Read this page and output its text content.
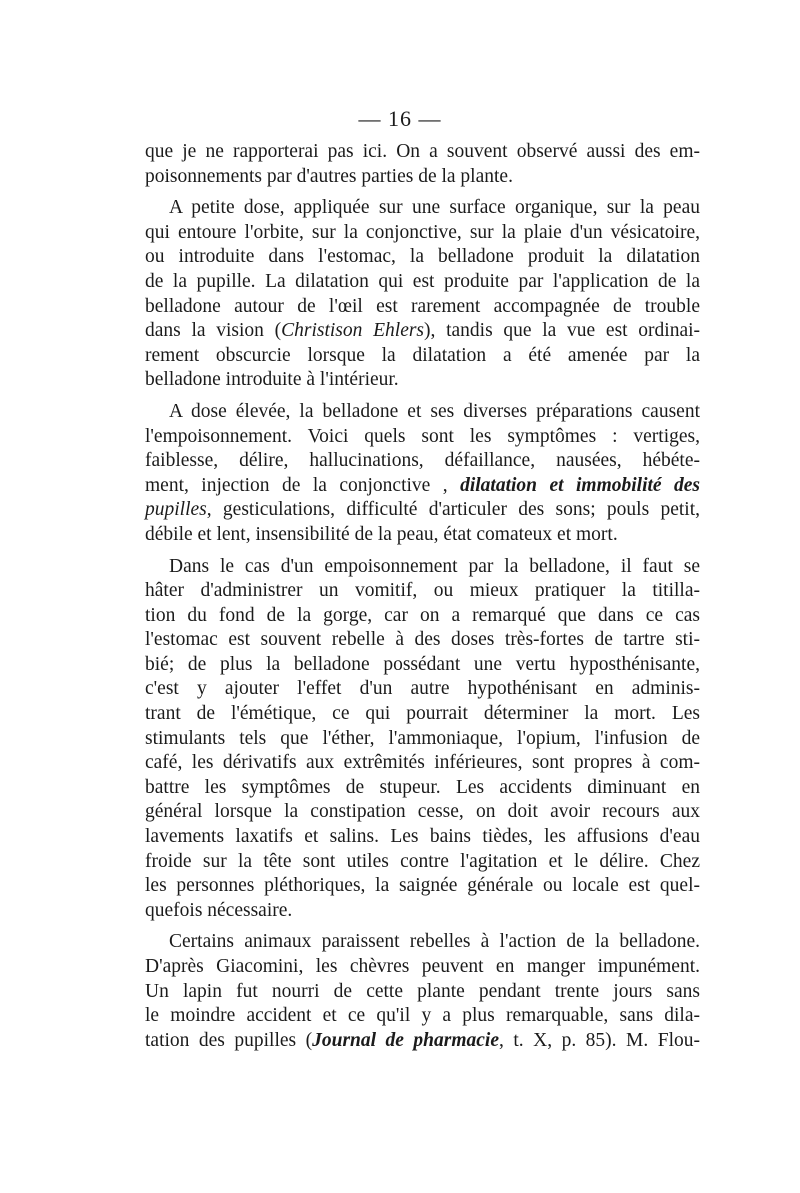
— 16 —
que je ne rapporterai pas ici. On a souvent observé aussi des em-
poisonnements par d'autres parties de la plante.
A petite dose, appliquée sur une surface organique, sur la peau
qui entoure l'orbite, sur la conjonctive, sur la plaie d'un vésicatoire,
ou introduite dans l'estomac, la belladone produit la dilatation
de la pupille. La dilatation qui est produite par l'application de la
belladone autour de l'œil est rarement accompagnée de trouble
dans la vision (Christison Ehlers), tandis que la vue est ordinai-
rement obscurcie lorsque la dilatation a été amenée par la
belladone introduite à l'intérieur.
A dose élevée, la belladone et ses diverses préparations causent
l'empoisonnement. Voici quels sont les symptômes : vertiges,
faiblesse, délire, hallucinations, défaillance, nausées, hébéte-
ment, injection de la conjonctive , dilatation et immobilité des
pupilles, gesticulations, difficulté d'articuler des sons; pouls petit,
débile et lent, insensibilité de la peau, état comateux et mort.
Dans le cas d'un empoisonnement par la belladone, il faut se
hâter d'administrer un vomitif, ou mieux pratiquer la titilla-
tion du fond de la gorge, car on a remarqué que dans ce cas
l'estomac est souvent rebelle à des doses très-fortes de tartre sti-
bié; de plus la belladone possédant une vertu hyposthénisante,
c'est y ajouter l'effet d'un autre hypothénisant en adminis-
trant de l'émétique, ce qui pourrait déterminer la mort. Les
stimulants tels que l'éther, l'ammoniaque, l'opium, l'infusion de
café, les dérivatifs aux extrêmités inférieures, sont propres à com-
battre les symptômes de stupeur. Les accidents diminuant en
général lorsque la constipation cesse, on doit avoir recours aux
lavements laxatifs et salins. Les bains tièdes, les affusions d'eau
froide sur la tête sont utiles contre l'agitation et le délire. Chez
les personnes pléthoriques, la saignée générale ou locale est quel-
quefois nécessaire.
Certains animaux paraissent rebelles à l'action de la belladone.
D'après Giacomini, les chèvres peuvent en manger impunément.
Un lapin fut nourri de cette plante pendant trente jours sans
le moindre accident et ce qu'il y a plus remarquable, sans dila-
tation des pupilles (Journal de pharmacie, t. X, p. 85). M. Flou-
